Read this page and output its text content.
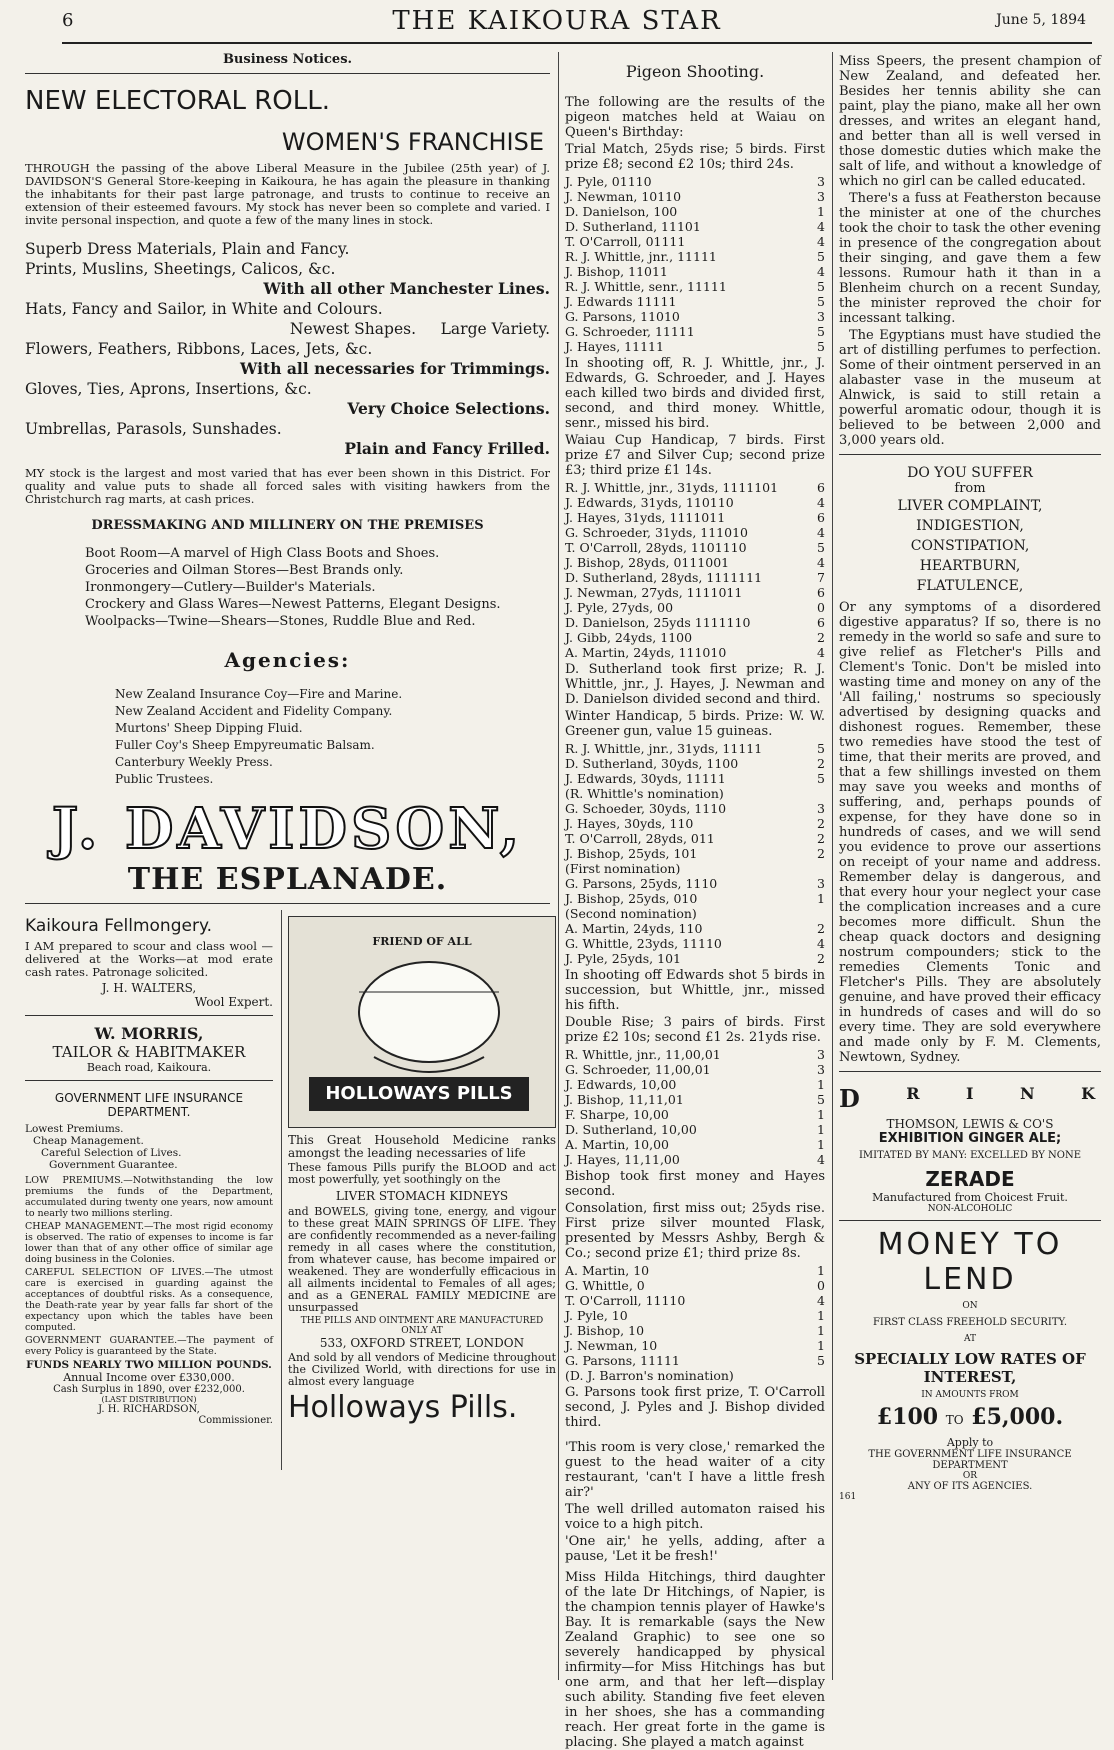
6	THE KAIKOURA STAR	June 5, 1894
Business Notices.
NEW ELECTORAL ROLL.
WOMEN'S FRANCHISE

THROUGH the passing of the above Liberal Measure in the Jubilee (25th year) of J. DAVIDSON'S General Store-keeping in Kaikoura, he has again the pleasure in thanking the inhabitants for their past large patronage, and trusts to continue to receive an extension of their esteemed favours. My stock has never been so complete and varied. I invite personal inspection, and quote a few of the many lines in stock.

Superb Dress Materials, Plain and Fancy.
Prints, Muslins, Sheetings, Calicos, &c.
With all other Manchester Lines.
Hats, Fancy and Sailor, in White and Colours.
Newest Shapes.     Large Variety.
Flowers, Feathers, Ribbons, Laces, Jets, &c.
With all necessaries for Trimmings.
Gloves, Ties, Aprons, Insertions, &c.
Very Choice Selections.
Umbrellas, Parasols, Sunshades.
Plain and Fancy Frilled.

MY stock is the largest and most varied that has ever been shown in this District. For quality and value puts to shade all forced sales with visiting hawkers from the Christchurch rag marts, at cash prices.

DRESSMAKING AND MILLINERY ON THE PREMISES
Boot Room—A marvel of High Class Boots and Shoes.
Groceries and Oilman Stores—Best Brands only.
Ironmongery—Cutlery—Builder's Materials.
Crockery and Glass Wares—Newest Patterns, Elegant Designs.
Woolpacks—Twine—Shears—Stones, Ruddle Blue and Red.
Agencies:
New Zealand Insurance Coy—Fire and Marine.
New Zealand Accident and Fidelity Company.
Murtons' Sheep Dipping Fluid.
Fuller Coy's Sheep Empyreumatic Balsam.
Canterbury Weekly Press.
Public Trustees.
J. DAVIDSON,
THE ESPLANADE.
Kaikoura Fellmongery.

I AM prepared to scour and class wool —delivered at the Works—at mod erate cash rates. Patronage solicited.

J. H. WALTERS,
Wool Expert.
W. MORRIS,
TAILOR & HABITMAKER
Beach road, Kaikoura.
GOVERNMENT LIFE INSURANCE DEPARTMENT.
Lowest Premiums.
Cheap Management.
Careful Selection of Lives.
Government Guarantee.

LOW PREMIUMS.—Notwithstanding the low premiums the funds of the Department, accumulated during twenty one years, now amount to nearly two millions sterling.

CHEAP MANAGEMENT.—The most rigid economy is observed. The ratio of expenses to income is far lower than that of any other office of similar age doing business in the Colonies.

CAREFUL SELECTION OF LIVES.—The utmost care is exercised in guarding against the acceptances of doubtful risks. As a consequence, the Death-rate year by year falls far short of the expectancy upon which the tables have been computed.

GOVERNMENT GUARANTEE.—The payment of every Policy is guaranteed by the State.

FUNDS NEARLY TWO MILLION POUNDS.
Annual Income over £330,000.
Cash Surplus in 1890, over £232,000.
(LAST DISTRIBUTION)
J. H. RICHARDSON,
Commissioner.
FRIEND OF ALL
HOLLOWAYS PILLS

This Great Household Medicine ranks amongst the leading necessaries of life

These famous Pills purify the BLOOD and act most powerfully, yet soothingly on the

LIVER STOMACH KIDNEYS

and BOWELS, giving tone, energy, and vigour to these great MAIN SPRINGS OF LIFE. They are confidently recommended as a never-failing remedy in all cases where the constitution, from whatever cause, has become impaired or weakened. They are wonderfully efficacious in all ailments incidental to Females of all ages; and as a GENERAL FAMILY MEDICINE are unsurpassed

THE PILLS AND OINTMENT ARE MANUFACTURED ONLY AT
533, OXFORD STREET, LONDON

And sold by all vendors of Medicine throughout the Civilized World, with directions for use in almost every language

Holloways Pills.
Pigeon Shooting.

The following are the results of the pigeon matches held at Waiau on Queen's Birthday:

Trial Match, 25yds rise; 5 birds. First prize £8; second £2 10s; third 24s.

J. Pyle, 01110	3
J. Newman, 10110	3
D. Danielson, 100	1
D. Sutherland, 11101	4
T. O'Carroll, 01111	4
R. J. Whittle, jnr., 11111	5
J. Bishop, 11011	4
R. J. Whittle, senr., 11111	5
J. Edwards 11111	5
G. Parsons, 11010	3
G. Schroeder, 11111	5
J. Hayes, 11111	5

In shooting off, R. J. Whittle, jnr., J. Edwards, G. Schroeder, and J. Hayes each killed two birds and divided first, second, and third money. Whittle, senr., missed his bird.

Waiau Cup Handicap, 7 birds. First prize £7 and Silver Cup; second prize £3; third prize £1 14s.

R. J. Whittle, jnr., 31yds, 1111101	6
J. Edwards, 31yds, 110110	4
J. Hayes, 31yds, 1111011	6
G. Schroeder, 31yds, 111010	4
T. O'Carroll, 28yds, 1101110	5
J. Bishop, 28yds, 0111001	4
D. Sutherland, 28yds, 1111111	7
J. Newman, 27yds, 1111011	6
J. Pyle, 27yds, 00	0
D. Danielson, 25yds 1111110	6
J. Gibb, 24yds, 1100	2
A. Martin, 24yds, 111010	4

D. Sutherland took first prize; R. J. Whittle, jnr., J. Hayes, J. Newman and D. Danielson divided second and third.

Winter Handicap, 5 birds. Prize: W. W. Greener gun, value 15 guineas.

R. J. Whittle, jnr., 31yds, 11111	5
D. Sutherland, 30yds, 1100	2
J. Edwards, 30yds, 11111	5
(R. Whittle's nomination)
G. Schoeder, 30yds, 1110	3
J. Hayes, 30yds, 110	2
T. O'Carroll, 28yds, 011	2
J. Bishop, 25yds, 101	2
(First nomination)
G. Parsons, 25yds, 1110	3
J. Bishop, 25yds, 010	1
(Second nomination)
A. Martin, 24yds, 110	2
G. Whittle, 23yds, 11110	4
J. Pyle, 25yds, 101	2

In shooting off Edwards shot 5 birds in succession, but Whittle, jnr., missed his fifth.

Double Rise; 3 pairs of birds. First prize £2 10s; second £1 2s. 21yds rise.

R. Whittle, jnr., 11,00,01	3
G. Schroeder, 11,00,01	3
J. Edwards, 10,00	1
J. Bishop, 11,11,01	5
F. Sharpe, 10,00	1
D. Sutherland, 10,00	1
A. Martin, 10,00	1
J. Hayes, 11,11,00	4

Bishop took first money and Hayes second.

Consolation, first miss out; 25yds rise. First prize silver mounted Flask, presented by Messrs Ashby, Bergh & Co.; second prize £1; third prize 8s.

A. Martin, 10	1
G. Whittle, 0	0
T. O'Carroll, 11110	4
J. Pyle, 10	1
J. Bishop, 10	1
J. Newman, 10	1
G. Parsons, 11111	5
(D. J. Barron's nomination)

G. Parsons took first prize, T. O'Carroll second, J. Pyles and J. Bishop divided third.

'This room is very close,' remarked the guest to the head waiter of a city restaurant, 'can't I have a little fresh air?'

The well drilled automaton raised his voice to a high pitch.

'One air,' he yells, adding, after a pause, 'Let it be fresh!'

Miss Hilda Hitchings, third daughter of the late Dr Hitchings, of Napier, is the champion tennis player of Hawke's Bay. It is remarkable (says the New Zealand Graphic) to see one so severely handicapped by physical infirmity—for Miss Hitchings has but one arm, and that her left—display such ability. Standing five feet eleven in her shoes, she has a commanding reach. Her great forte in the game is placing. She played a match against

Miss Speers, the present champion of New Zealand, and defeated her. Besides her tennis ability she can paint, play the piano, make all her own dresses, and writes an elegant hand, and better than all is well versed in those domestic duties which make the salt of life, and without a knowledge of which no girl can be called educated.

There's a fuss at Featherston because the minister at one of the churches took the choir to task the other evening in presence of the congregation about their singing, and gave them a few lessons. Rumour hath it than in a Blenheim church on a recent Sunday, the minister reproved the choir for incessant talking.

The Egyptians must have studied the art of distilling perfumes to perfection. Some of their ointment perserved in an alabaster vase in the museum at Alnwick, is said to still retain a powerful aromatic odour, though it is believed to be between 2,000 and 3,000 years old.

DO YOU SUFFER
from
LIVER COMPLAINT,
INDIGESTION,
CONSTIPATION,
HEARTBURN,
FLATULENCE,

Or any symptoms of a disordered digestive apparatus? If so, there is no remedy in the world so safe and sure to give relief as Fletcher's Pills and Clement's Tonic. Don't be misled into wasting time and money on any of the 'All failing,' nostrums so speciously advertised by designing quacks and dishonest rogues. Remember, these two remedies have stood the test of time, that their merits are proved, and that a few shillings invested on them may save you weeks and months of suffering, and, perhaps pounds of expense, for they have done so in hundreds of cases, and we will send you evidence to prove our assertions on receipt of your name and address. Remember delay is dangerous, and that every hour your neglect your case the complication increases and a cure becomes more difficult. Shun the cheap quack doctors and designing nostrum compounders; stick to the remedies Clements Tonic and Fletcher's Pills. They are absolutely genuine, and have proved their efficacy in hundreds of cases and will do so every time. They are sold everywhere and made only by F. M. Clements, Newtown, Sydney.

D	R	I	N	K
THOMSON, LEWIS & CO'S
EXHIBITION GINGER ALE;
IMITATED BY MANY: EXCELLED BY NONE
ZERADE
Manufactured from Choicest Fruit.
NON-ALCOHOLIC
MONEY TO
LEND
ON
FIRST CLASS FREEHOLD SECURITY.
AT
SPECIALLY LOW RATES OF
INTEREST,
IN AMOUNTS FROM
£100 TO £5,000.
Apply to
THE GOVERNMENT LIFE INSURANCE
DEPARTMENT
OR
ANY OF ITS AGENCIES.
161
